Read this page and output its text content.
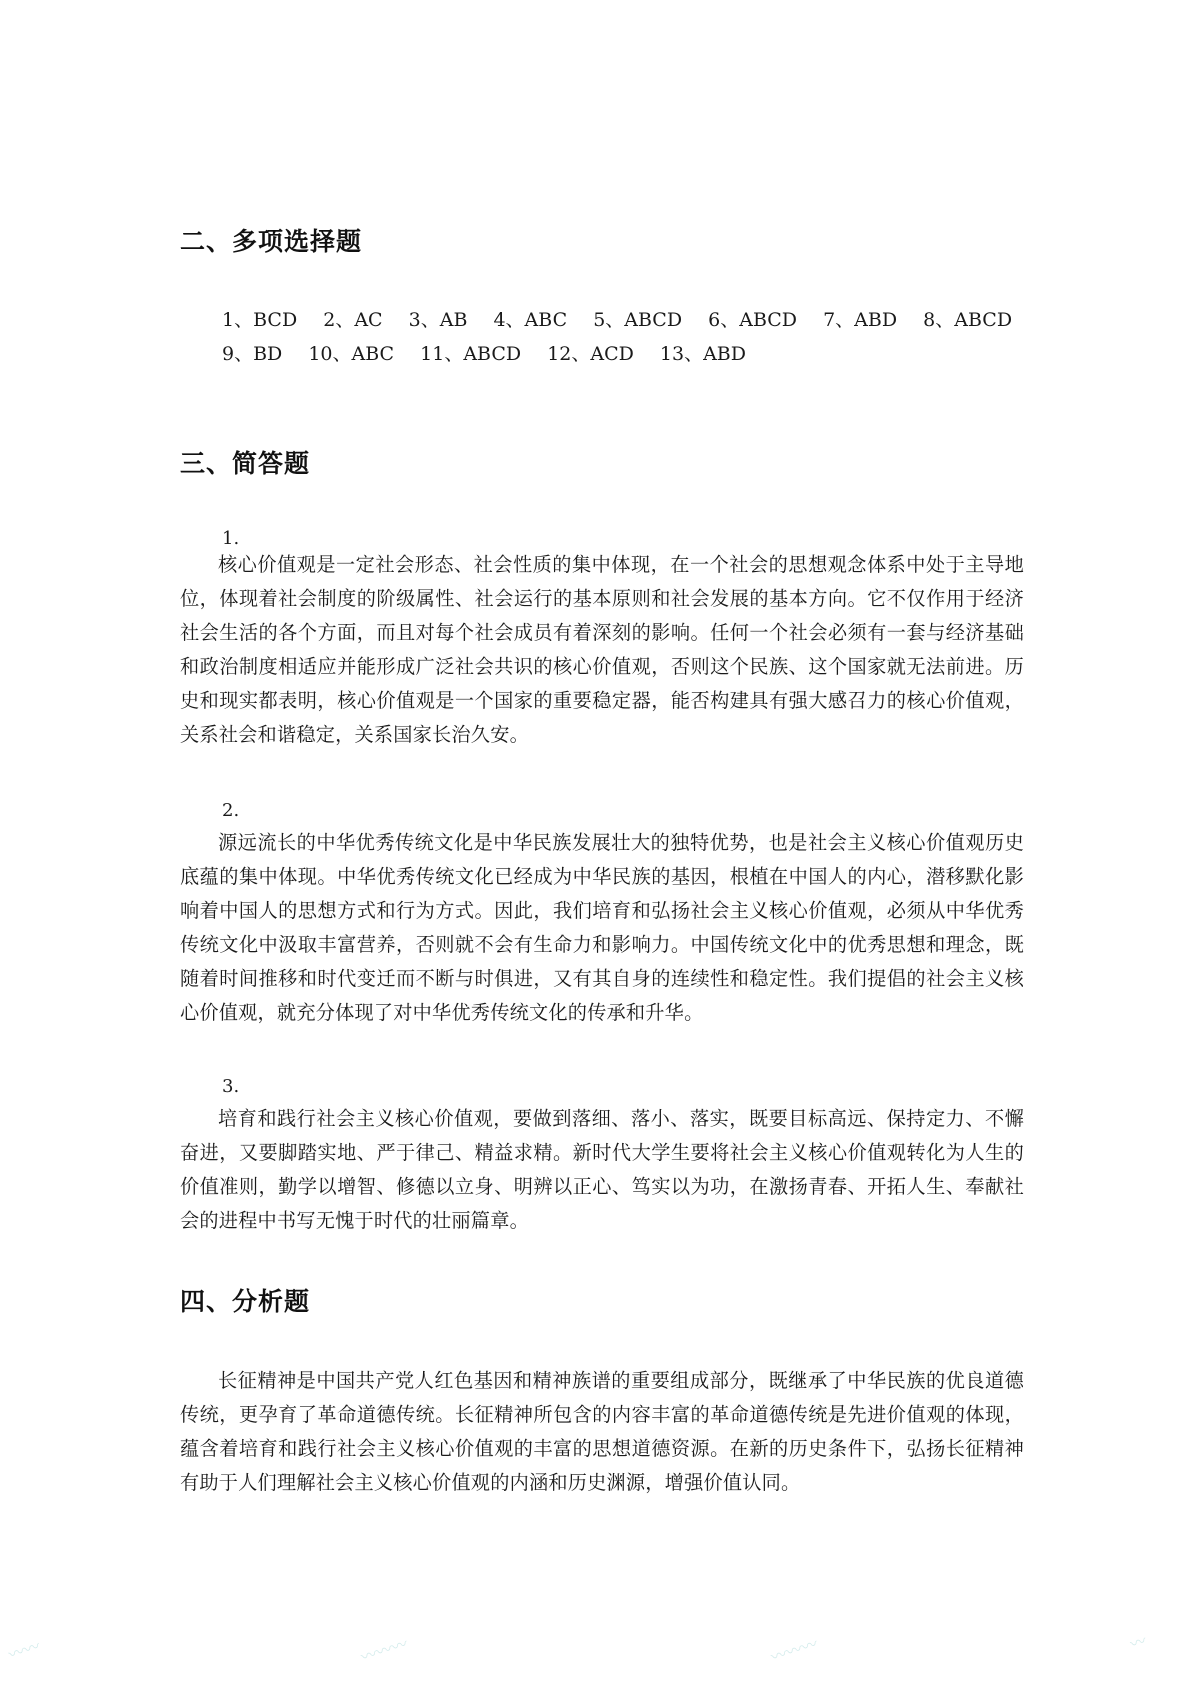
二、多项选择题
1、BCD 2、AC 3、AB 4、ABC 5、ABCD 6、ABCD 7、ABD 8、ABCD
9、BD 10、ABC 11、ABCD 12、ACD 13、ABD
三、简答题
1.

核心价值观是一定社会形态、社会性质的集中体现，在一个社会的思想观念体系中处于主导地位，体现着社会制度的阶级属性、社会运行的基本原则和社会发展的基本方向。它不仅作用于经济社会生活的各个方面，而且对每个社会成员有着深刻的影响。任何一个社会必须有一套与经济基础和政治制度相适应并能形成广泛社会共识的核心价值观，否则这个民族、这个国家就无法前进。历史和现实都表明，核心价值观是一个国家的重要稳定器，能否构建具有强大感召力的核心价值观，关系社会和谐稳定，关系国家长治久安。

2.

源远流长的中华优秀传统文化是中华民族发展壮大的独特优势，也是社会主义核心价值观历史底蕴的集中体现。中华优秀传统文化已经成为中华民族的基因，根植在中国人的内心，潜移默化影响着中国人的思想方式和行为方式。因此，我们培育和弘扬社会主义核心价值观，必须从中华优秀传统文化中汲取丰富营养，否则就不会有生命力和影响力。中国传统文化中的优秀思想和理念，既随着时间推移和时代变迁而不断与时俱进，又有其自身的连续性和稳定性。我们提倡的社会主义核心价值观，就充分体现了对中华优秀传统文化的传承和升华。

3.

培育和践行社会主义核心价值观，要做到落细、落小、落实，既要目标高远、保持定力、不懈奋进，又要脚踏实地、严于律己、精益求精。新时代大学生要将社会主义核心价值观转化为人生的价值准则，勤学以增智、修德以立身、明辨以正心、笃实以为功，在激扬青春、开拓人生、奉献社会的进程中书写无愧于时代的壮丽篇章。

四、分析题

长征精神是中国共产党人红色基因和精神族谱的重要组成部分，既继承了中华民族的优良道德传统，更孕育了革命道德传统。长征精神所包含的内容丰富的革命道德传统是先进价值观的体现，蕴含着培育和践行社会主义核心价值观的丰富的思想道德资源。在新的历史条件下，弘扬长征精神有助于人们理解社会主义核心价值观的内涵和历史渊源，增强价值认同。

〰〰	〰〰〰	〰〰〰	〰
